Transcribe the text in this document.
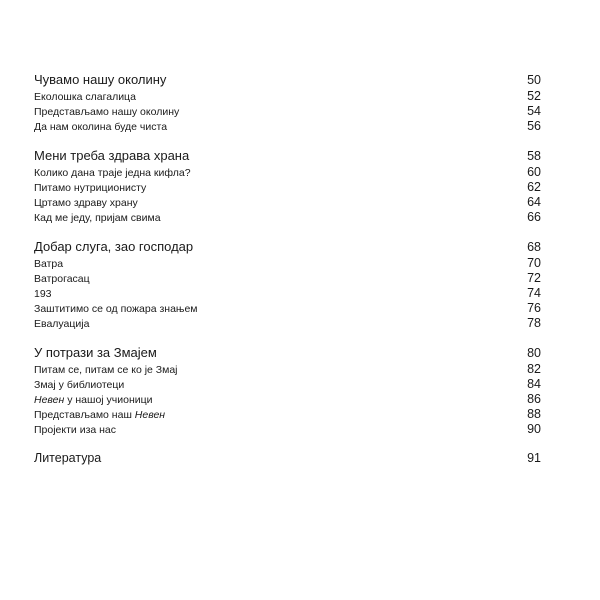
Чувамо нашу околину	50
Еколошка слагалица	52
Представљамо нашу околину	54
Да нам околина буде чиста	56
Мени треба здрава храна	58
Колико дана траје једна кифла?	60
Питамо нутриционисту	62
Цртамо здраву храну	64
Кад ме једу, пријам свима	66
Добар слуга, зао господар	68
Ватра	70
Ватрогасац	72
193	74
Заштитимо се од пожара знањем	76
Евалуација	78
У потрази за Змајем	80
Питам се, питам се ко је Змај	82
Змај у библиотеци	84
Невен у нашој учионици	86
Представљамо наш Невен	88
Пројекти иза нас	90
Литература	91
